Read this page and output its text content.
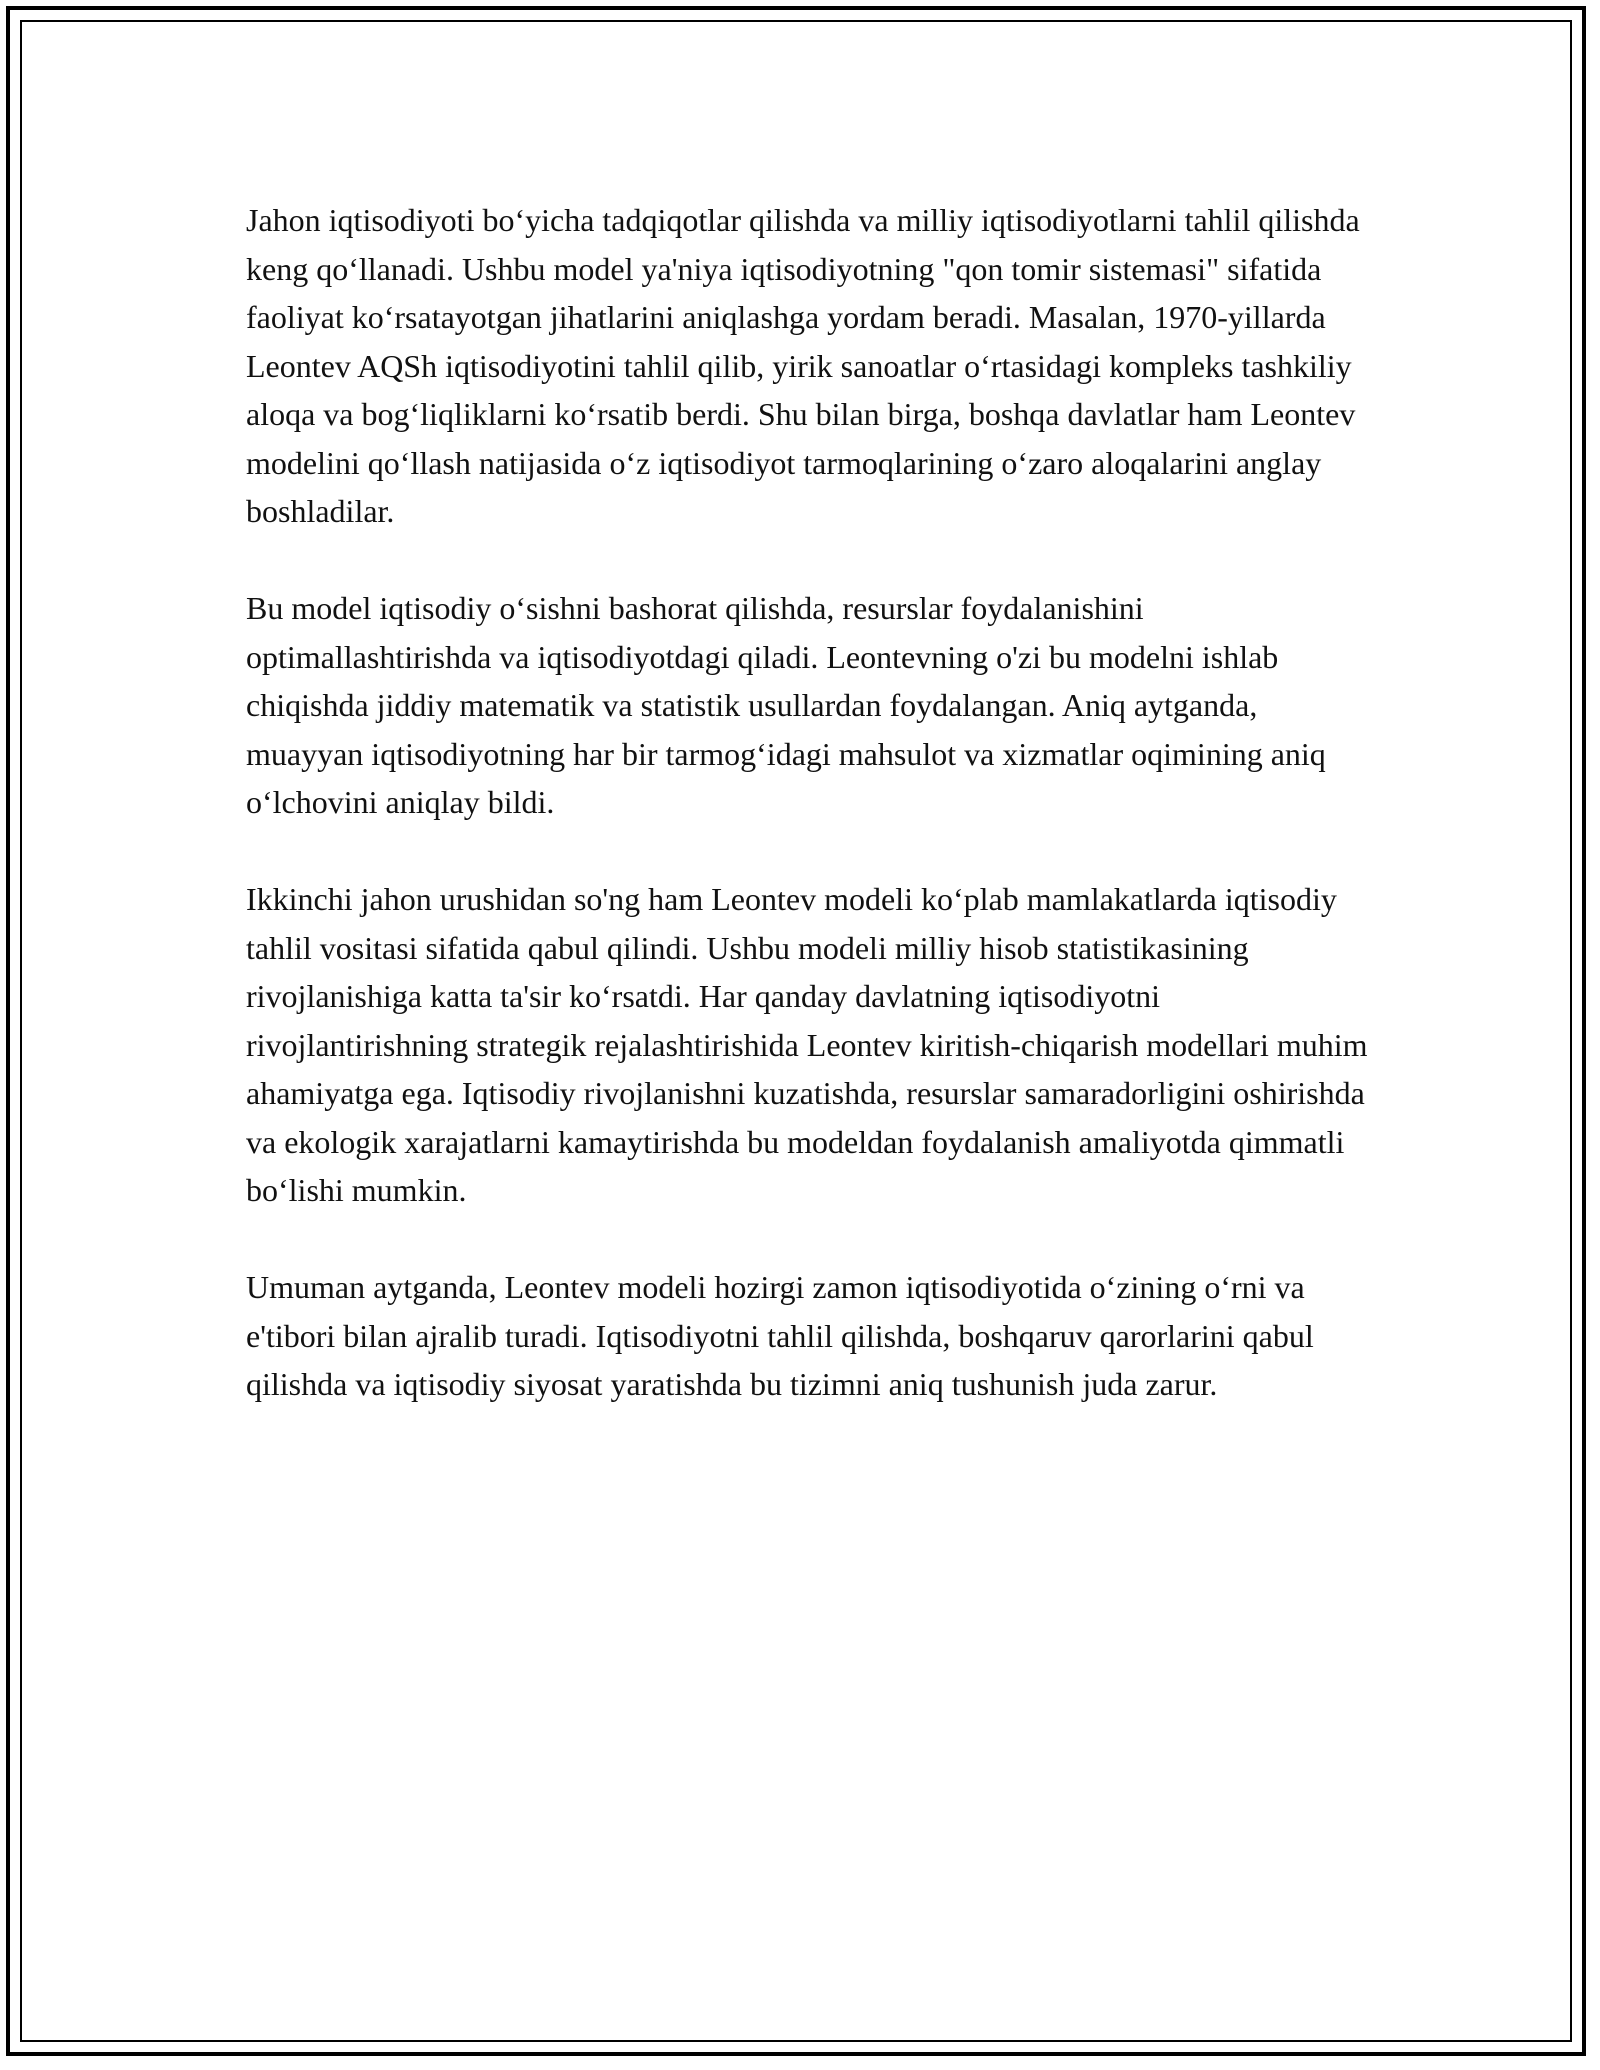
Jahon iqtisodiyoti boʻyicha tadqiqotlar qilishda va milliy iqtisodiyotlarni tahlil qilishda keng qoʻllanadi. Ushbu model ya'niya iqtisodiyotning "qon tomir sistemasi" sifatida faoliyat koʻrsatayotgan jihatlarini aniqlashga yordam beradi. Masalan, 1970-yillarda Leontev AQSh iqtisodiyotini tahlil qilib, yirik sanoatlar oʻrtasidagi kompleks tashkiliy aloqa va bogʻliqliklarni koʻrsatib berdi. Shu bilan birga, boshqa davlatlar ham Leontev modelini qoʻllash natijasida oʻz iqtisodiyot tarmoqlarining oʻzaro aloqalarini anglay boshladilar.

Bu model iqtisodiy oʻsishni bashorat qilishda, resurslar foydalanishini optimallashtirishda va iqtisodiyotdagi qiladi. Leontevning o'zi bu modelni ishlab chiqishda jiddiy matematik va statistik usullardan foydalangan. Aniq aytganda, muayyan iqtisodiyotning har bir tarmogʻidagi mahsulot va xizmatlar oqimining aniq oʻlchovini aniqlay bildi.

Ikkinchi jahon urushidan so'ng ham Leontev modeli koʻplab mamlakatlarda iqtisodiy tahlil vositasi sifatida qabul qilindi. Ushbu modeli milliy hisob statistikasining rivojlanishiga katta ta'sir koʻrsatdi. Har qanday davlatning iqtisodiyotni rivojlantirishning strategik rejalashtirishida Leontev kiritish-chiqarish modellari muhim ahamiyatga ega. Iqtisodiy rivojlanishni kuzatishda, resurslar samaradorligini oshirishda va ekologik xarajatlarni kamaytirishda bu modeldan foydalanish amaliyotda qimmatli boʻlishi mumkin.

Umuman aytganda, Leontev modeli hozirgi zamon iqtisodiyotida oʻzining oʻrni va e'tibori bilan ajralib turadi. Iqtisodiyotni tahlil qilishda, boshqaruv qarorlarini qabul qilishda va iqtisodiy siyosat yaratishda bu tizimni aniq tushunish juda zarur.
